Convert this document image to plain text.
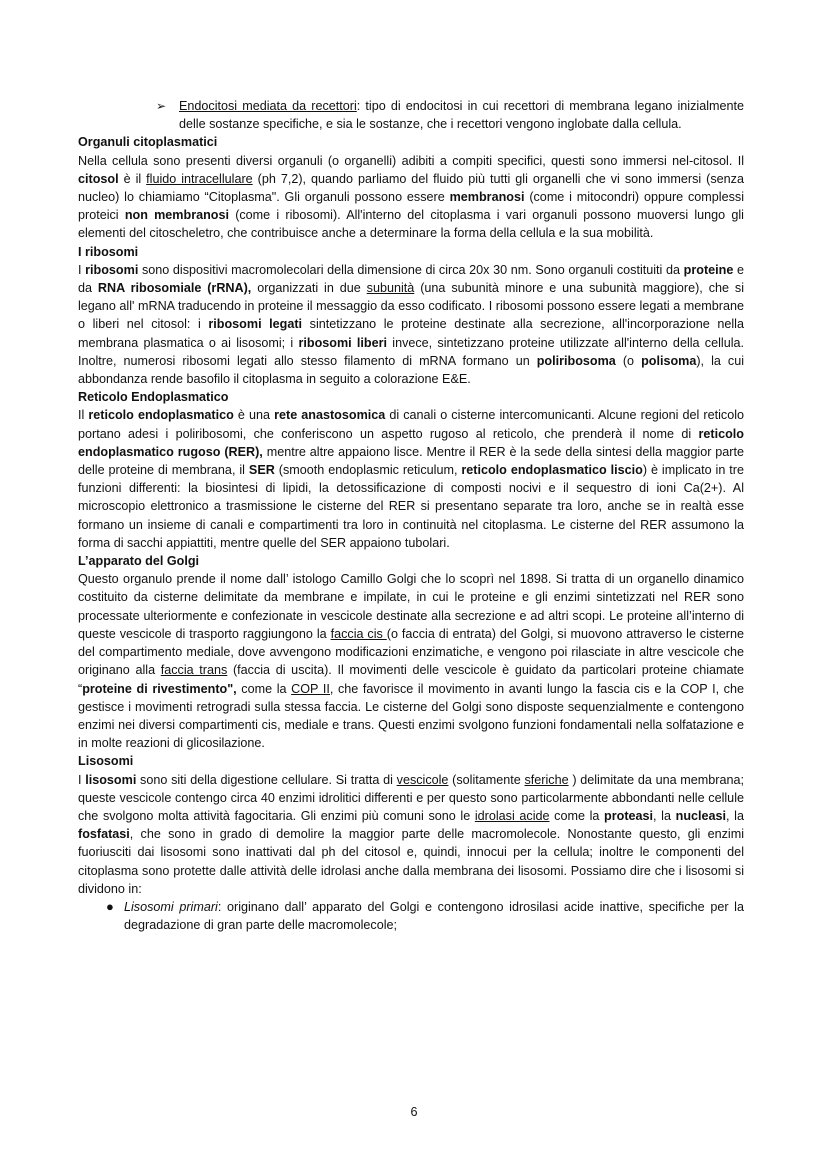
➢ Endocitosi mediata da recettori: tipo di endocitosi in cui recettori di membrana legano inizialmente delle sostanze specifiche, e sia le sostanze, che i recettori vengono inglobate dalla cellula.
Organuli citoplasmatici

Nella cellula sono presenti diversi organuli (o organelli) adibiti a compiti specifici, questi sono immersi nel-citosol. Il citosol è il fluido intracellulare (ph 7,2), quando parliamo del fluido più tutti gli organelli che vi sono immersi (senza nucleo) lo chiamiamo “Citoplasma". Gli organuli possono essere membranosi (come i mitocondri) oppure complessi proteici non membranosi (come i ribosomi). All'interno del citoplasma i vari organuli possono muoversi lungo gli elementi del citoscheletro, che contribuisce anche a determinare la forma della cellula e la sua mobilità.

I ribosomi

I ribosomi sono dispositivi macromolecolari della dimensione di circa 20x 30 nm. Sono organuli costituiti da proteine e da RNA ribosomiale (rRNA), organizzati in due subunità (una subunità minore e una subunità maggiore), che si legano all' mRNA traducendo in proteine il messaggio da esso codificato. I ribosomi possono essere legati a membrane o liberi nel citosol: i ribosomi legati sintetizzano le proteine destinate alla secrezione, all'incorporazione nella membrana plasmatica o ai lisosomi; i ribosomi liberi invece, sintetizzano proteine utilizzate all'interno della cellula. Inoltre, numerosi ribosomi legati allo stesso filamento di mRNA formano un poliribosoma (o polisoma), la cui abbondanza rende basofilo il citoplasma in seguito a colorazione E&E.

Reticolo Endoplasmatico

Il reticolo endoplasmatico è una rete anastosomica di canali o cisterne intercomunicanti. Alcune regioni del reticolo portano adesi i poliribosomi, che conferiscono un aspetto rugoso al reticolo, che prenderà il nome di reticolo endoplasmatico rugoso (RER), mentre altre appaiono lisce. Mentre il RER è la sede della sintesi della maggior parte delle proteine di membrana, il SER (smooth endoplasmic reticulum, reticolo endoplasmatico liscio) è implicato in tre funzioni differenti: la biosintesi di lipidi, la detossificazione di composti nocivi e il sequestro di ioni Ca(2+). Al microscopio elettronico a trasmissione le cisterne del RER si presentano separate tra loro, anche se in realtà esse formano un insieme di canali e compartimenti tra loro in continuità nel citoplasma. Le cisterne del RER assumono la forma di sacchi appiattiti, mentre quelle del SER appaiono tubolari.

L’apparato del Golgi

Questo organulo prende il nome dall’ istologo Camillo Golgi che lo scoprì nel 1898. Si tratta di un organello dinamico costituito da cisterne delimitate da membrane e impilate, in cui le proteine e gli enzimi sintetizzati nel RER sono processate ulteriormente e confezionate in vescicole destinate alla secrezione e ad altri scopi. Le proteine all’interno di queste vescicole di trasporto raggiungono la faccia cis (o faccia di entrata) del Golgi, si muovono attraverso le cisterne del compartimento mediale, dove avvengono modificazioni enzimatiche, e vengono poi rilasciate in altre vescicole che originano alla faccia trans (faccia di uscita). Il movimenti delle vescicole è guidato da particolari proteine chiamate “proteine di rivestimento", come la COP II, che favorisce il movimento in avanti lungo la fascia cis e la COP I, che gestisce i movimenti retrogradi sulla stessa faccia. Le cisterne del Golgi sono disposte sequenzialmente e contengono enzimi nei diversi compartimenti cis, mediale e trans. Questi enzimi svolgono funzioni fondamentali nella solfatazione e in molte reazioni di glicosilazione.

Lisosomi

I lisosomi sono siti della digestione cellulare. Si tratta di vescicole (solitamente sferiche ) delimitate da una membrana; queste vescicole contengo circa 40 enzimi idrolitici differenti e per questo sono particolarmente abbondanti nelle cellule che svolgono molta attività fagocitaria. Gli enzimi più comuni sono le idrolasi acide come la proteasi, la nucleasi, la fosfatasi, che sono in grado di demolire la maggior parte delle macromolecole. Nonostante questo, gli enzimi fuoriusciti dai lisosomi sono inattivati dal ph del citosol e, quindi, innocui per la cellula; inoltre le componenti del citoplasma sono protette dalle attività delle idrolasi anche dalla membrana dei lisosomi. Possiamo dire che i lisosomi si dividono in:

● Lisosomi primari: originano dall’ apparato del Golgi e contengono idrosilasi acide inattive, specifiche per la degradazione di gran parte delle macromolecole;
6
